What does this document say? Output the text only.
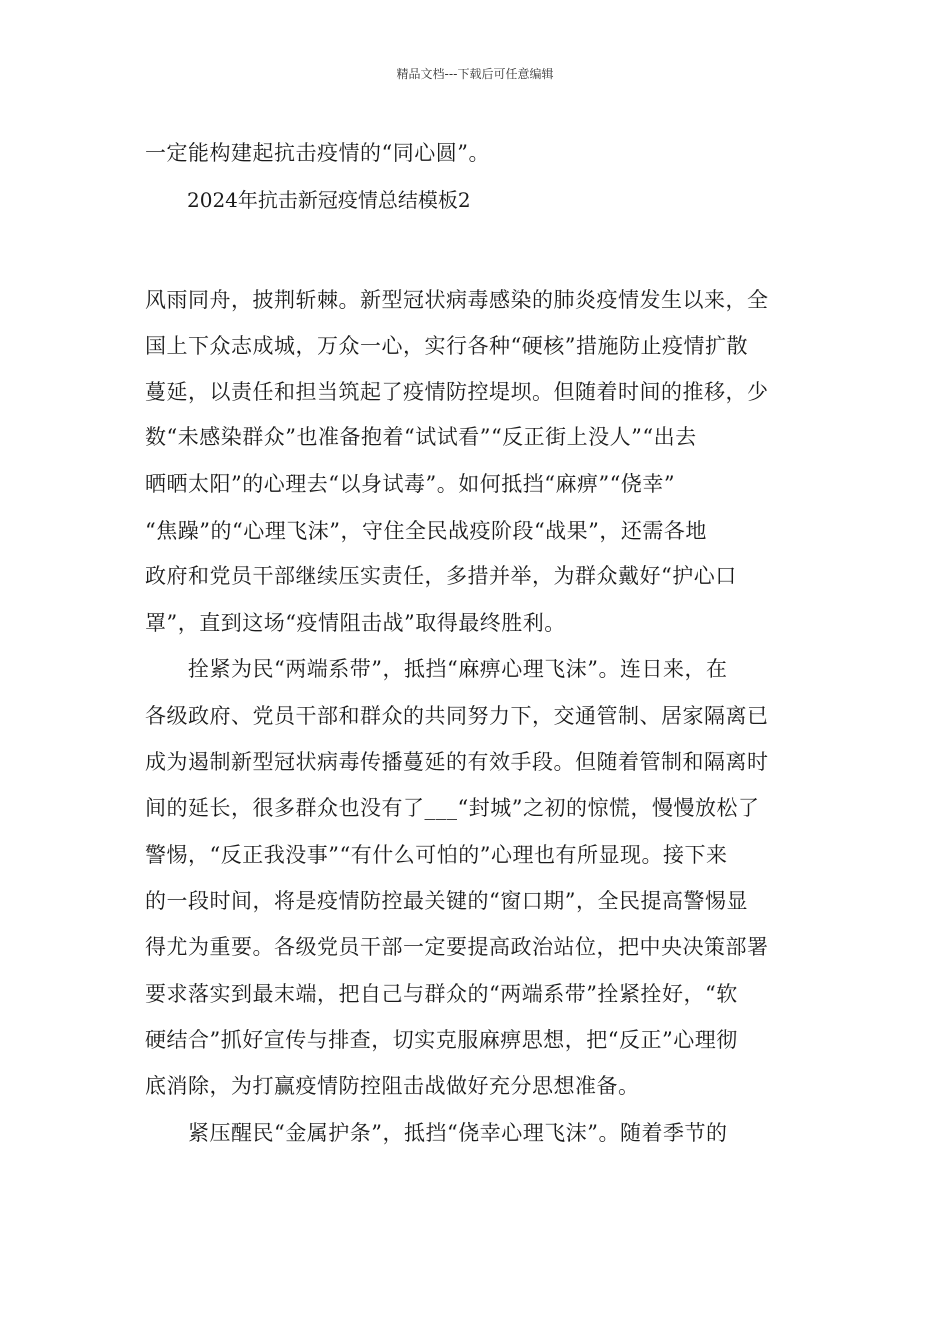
精品文档---下载后可任意编辑
一定能构建起抗击疫情的“同心圆”。
2024年抗击新冠疫情总结模板2
风雨同舟，披荆斩棘。新型冠状病毒感染的肺炎疫情发生以来，全
国上下众志成城，万众一心，实行各种“硬核”措施防止疫情扩散
蔓延，以责任和担当筑起了疫情防控堤坝。但随着时间的推移，少
数“未感染群众”也准备抱着“试试看”“反正街上没人”“出去
晒晒太阳”的心理去“以身试毒”。如何抵挡“麻痹”“侥幸”
“焦躁”的“心理飞沫”，守住全民战疫阶段“战果”，还需各地
政府和党员干部继续压实责任，多措并举，为群众戴好“护心口
罩”，直到这场“疫情阻击战”取得最终胜利。
　　拴紧为民“两端系带”，抵挡“麻痹心理飞沫”。连日来，在
各级政府、党员干部和群众的共同努力下，交通管制、居家隔离已
成为遏制新型冠状病毒传播蔓延的有效手段。但随着管制和隔离时
间的延长，很多群众也没有了___“封城”之初的惊慌，慢慢放松了
警惕，“反正我没事”“有什么可怕的”心理也有所显现。接下来
的一段时间，将是疫情防控最关键的“窗口期”，全民提高警惕显
得尤为重要。各级党员干部一定要提高政治站位，把中央决策部署
要求落实到最末端，把自己与群众的“两端系带”拴紧拴好，“软
硬结合”抓好宣传与排查，切实克服麻痹思想，把“反正”心理彻
底消除，为打赢疫情防控阻击战做好充分思想准备。
　　紧压醒民“金属护条”，抵挡“侥幸心理飞沫”。随着季节的
